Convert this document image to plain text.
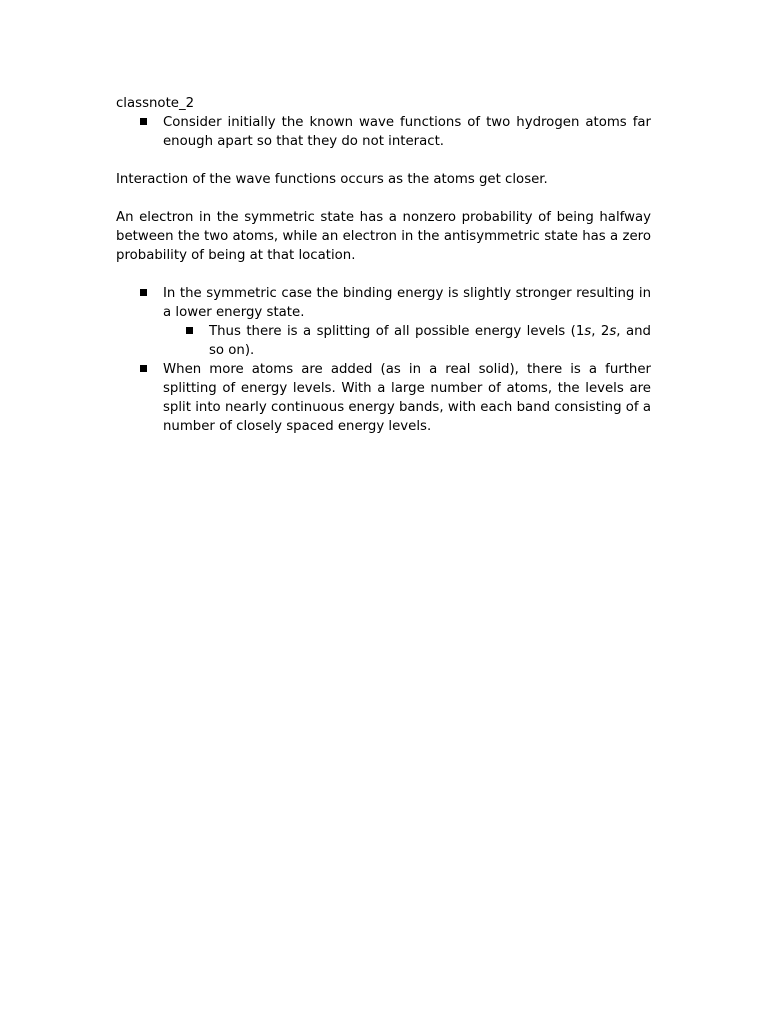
classnote_2
Consider initially the known wave functions of two hydrogen atoms far enough apart so that they do not interact.

Interaction of the wave functions occurs as the atoms get closer.

An electron in the symmetric state has a nonzero probability of being halfway between the two atoms, while an electron in the antisymmetric state has a zero probability of being at that location.

In the symmetric case the binding energy is slightly stronger resulting in a lower energy state.
Thus there is a splitting of all possible energy levels (1s, 2s, and so on).
When more atoms are added (as in a real solid), there is a further splitting of energy levels. With a large number of atoms, the levels are split into nearly continuous energy bands, with each band consisting of a number of closely spaced energy levels.
